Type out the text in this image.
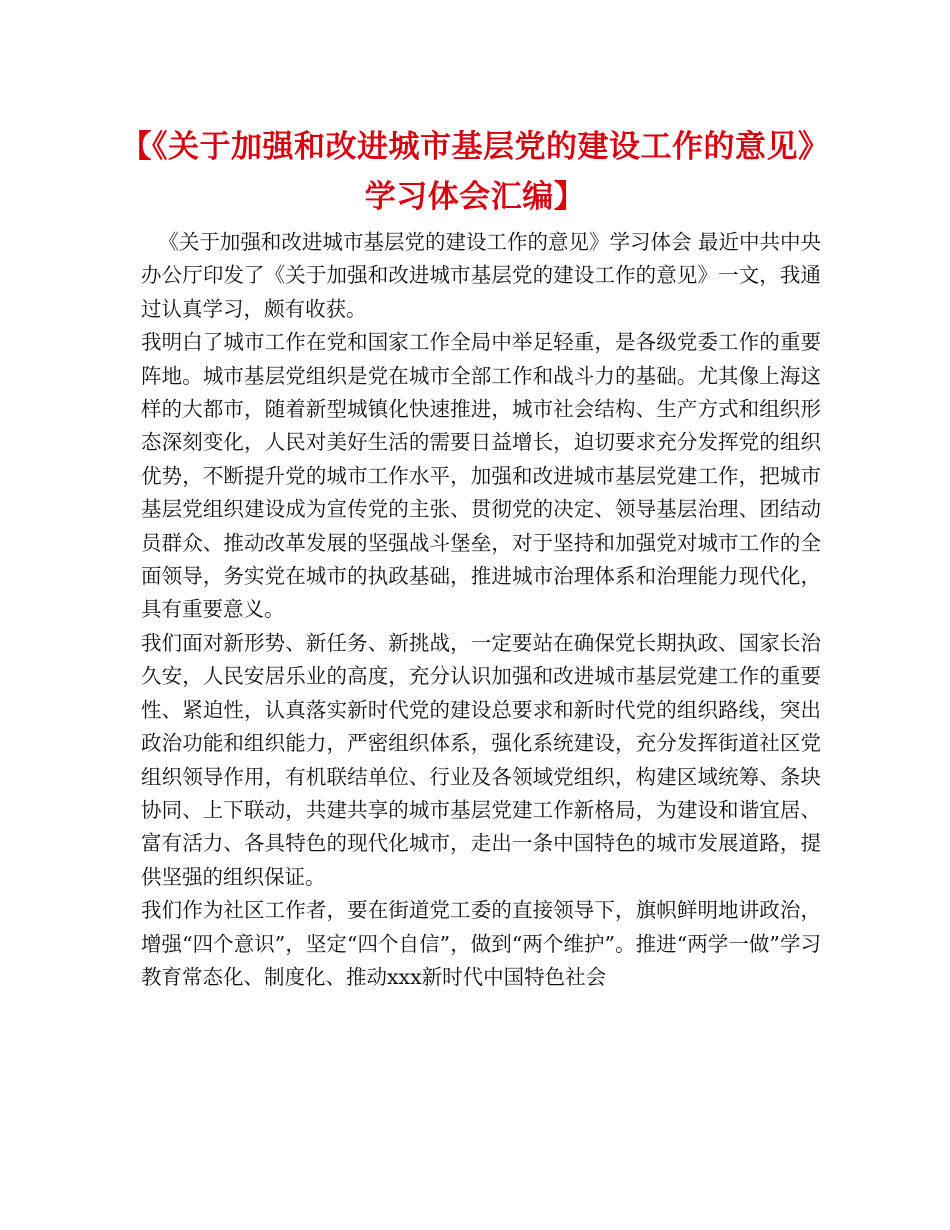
【《关于加强和改进城市基层党的建设工作的意见》学习体会汇编】

《关于加强和改进城市基层党的建设工作的意见》学习体会 最近中共中央办公厅印发了《关于加强和改进城市基层党的建设工作的意见》一文，我通过认真学习，颇有收获。

我明白了城市工作在党和国家工作全局中举足轻重，是各级党委工作的重要阵地。城市基层党组织是党在城市全部工作和战斗力的基础。尤其像上海这样的大都市，随着新型城镇化快速推进，城市社会结构、生产方式和组织形态深刻变化，人民对美好生活的需要日益增长，迫切要求充分发挥党的组织优势，不断提升党的城市工作水平，加强和改进城市基层党建工作，把城市基层党组织建设成为宣传党的主张、贯彻党的决定、领导基层治理、团结动员群众、推动改革发展的坚强战斗堡垒，对于坚持和加强党对城市工作的全面领导，务实党在城市的执政基础，推进城市治理体系和治理能力现代化，具有重要意义。

我们面对新形势、新任务、新挑战，一定要站在确保党长期执政、国家长治久安，人民安居乐业的高度，充分认识加强和改进城市基层党建工作的重要性、紧迫性，认真落实新时代党的建设总要求和新时代党的组织路线，突出政治功能和组织能力，严密组织体系，强化系统建设，充分发挥街道社区党组织领导作用，有机联结单位、行业及各领域党组织，构建区域统筹、条块协同、上下联动，共建共享的城市基层党建工作新格局，为建设和谐宜居、富有活力、各具特色的现代化城市，走出一条中国特色的城市发展道路，提供坚强的组织保证。

我们作为社区工作者，要在街道党工委的直接领导下，旗帜鲜明地讲政治，增强“四个意识”，坚定“四个自信”，做到“两个维护”。推进“两学一做”学习教育常态化、制度化、推动xxx新时代中国特色社会
